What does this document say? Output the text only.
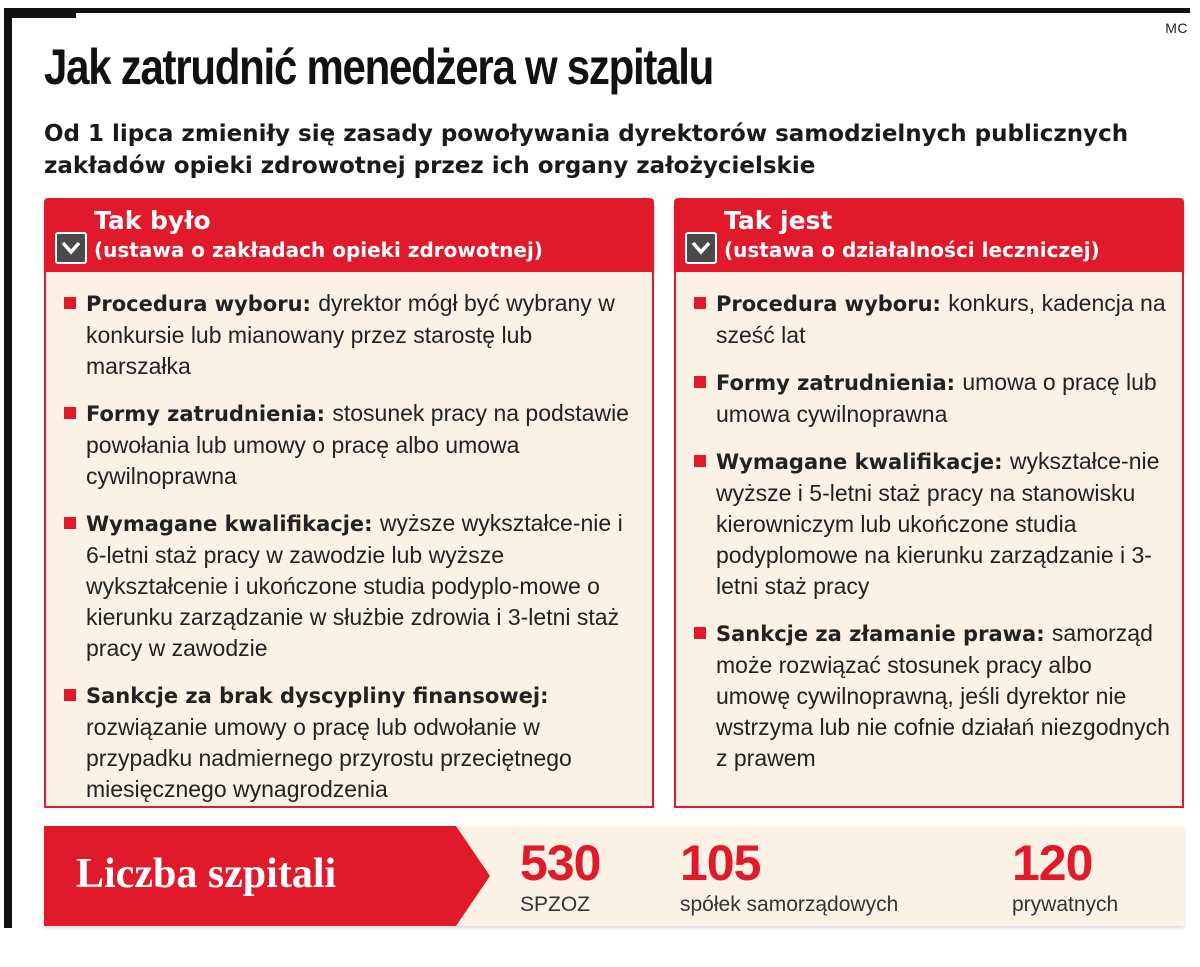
MC
Jak zatrudnić menedżera w szpitalu

Od 1 lipca zmieniły się zasady powoływania dyrektorów samodzielnych publicznych zakładów opieki zdrowotnej przez ich organy założycielskie

Tak było
(ustawa o zakładach opieki zdrowotnej)
Procedura wyboru: dyrektor mógł być wybrany w konkursie lub mianowany przez starostę lub marszałka
Formy zatrudnienia: stosunek pracy na podstawie powołania lub umowy o pracę albo umowa cywilnoprawna
Wymagane kwalifikacje: wyższe wykształce-nie i 6-letni staż pracy w zawodzie lub wyższe wykształcenie i ukończone studia podyplo-mowe o kierunku zarządzanie w służbie zdrowia i 3-letni staż pracy w zawodzie
Sankcje za brak dyscypliny finansowej: rozwiązanie umowy o pracę lub odwołanie w przypadku nadmiernego przyrostu przeciętnego miesięcznego wynagrodzenia
Tak jest
(ustawa o działalności leczniczej)
Procedura wyboru: konkurs, kadencja na sześć lat
Formy zatrudnienia: umowa o pracę lub umowa cywilnoprawna
Wymagane kwalifikacje: wykształce-nie wyższe i 5-letni staż pracy na stanowisku kierowniczym lub ukończone studia podyplomowe na kierunku zarządzanie i 3-letni staż pracy
Sankcje za złamanie prawa: samorząd może rozwiązać stosunek pracy albo umowę cywilnoprawną, jeśli dyrektor nie wstrzyma lub nie cofnie działań niezgodnych z prawem
Liczba szpitali	530
SPZOZ
105
spółek samorządowych
120
prywatnych
